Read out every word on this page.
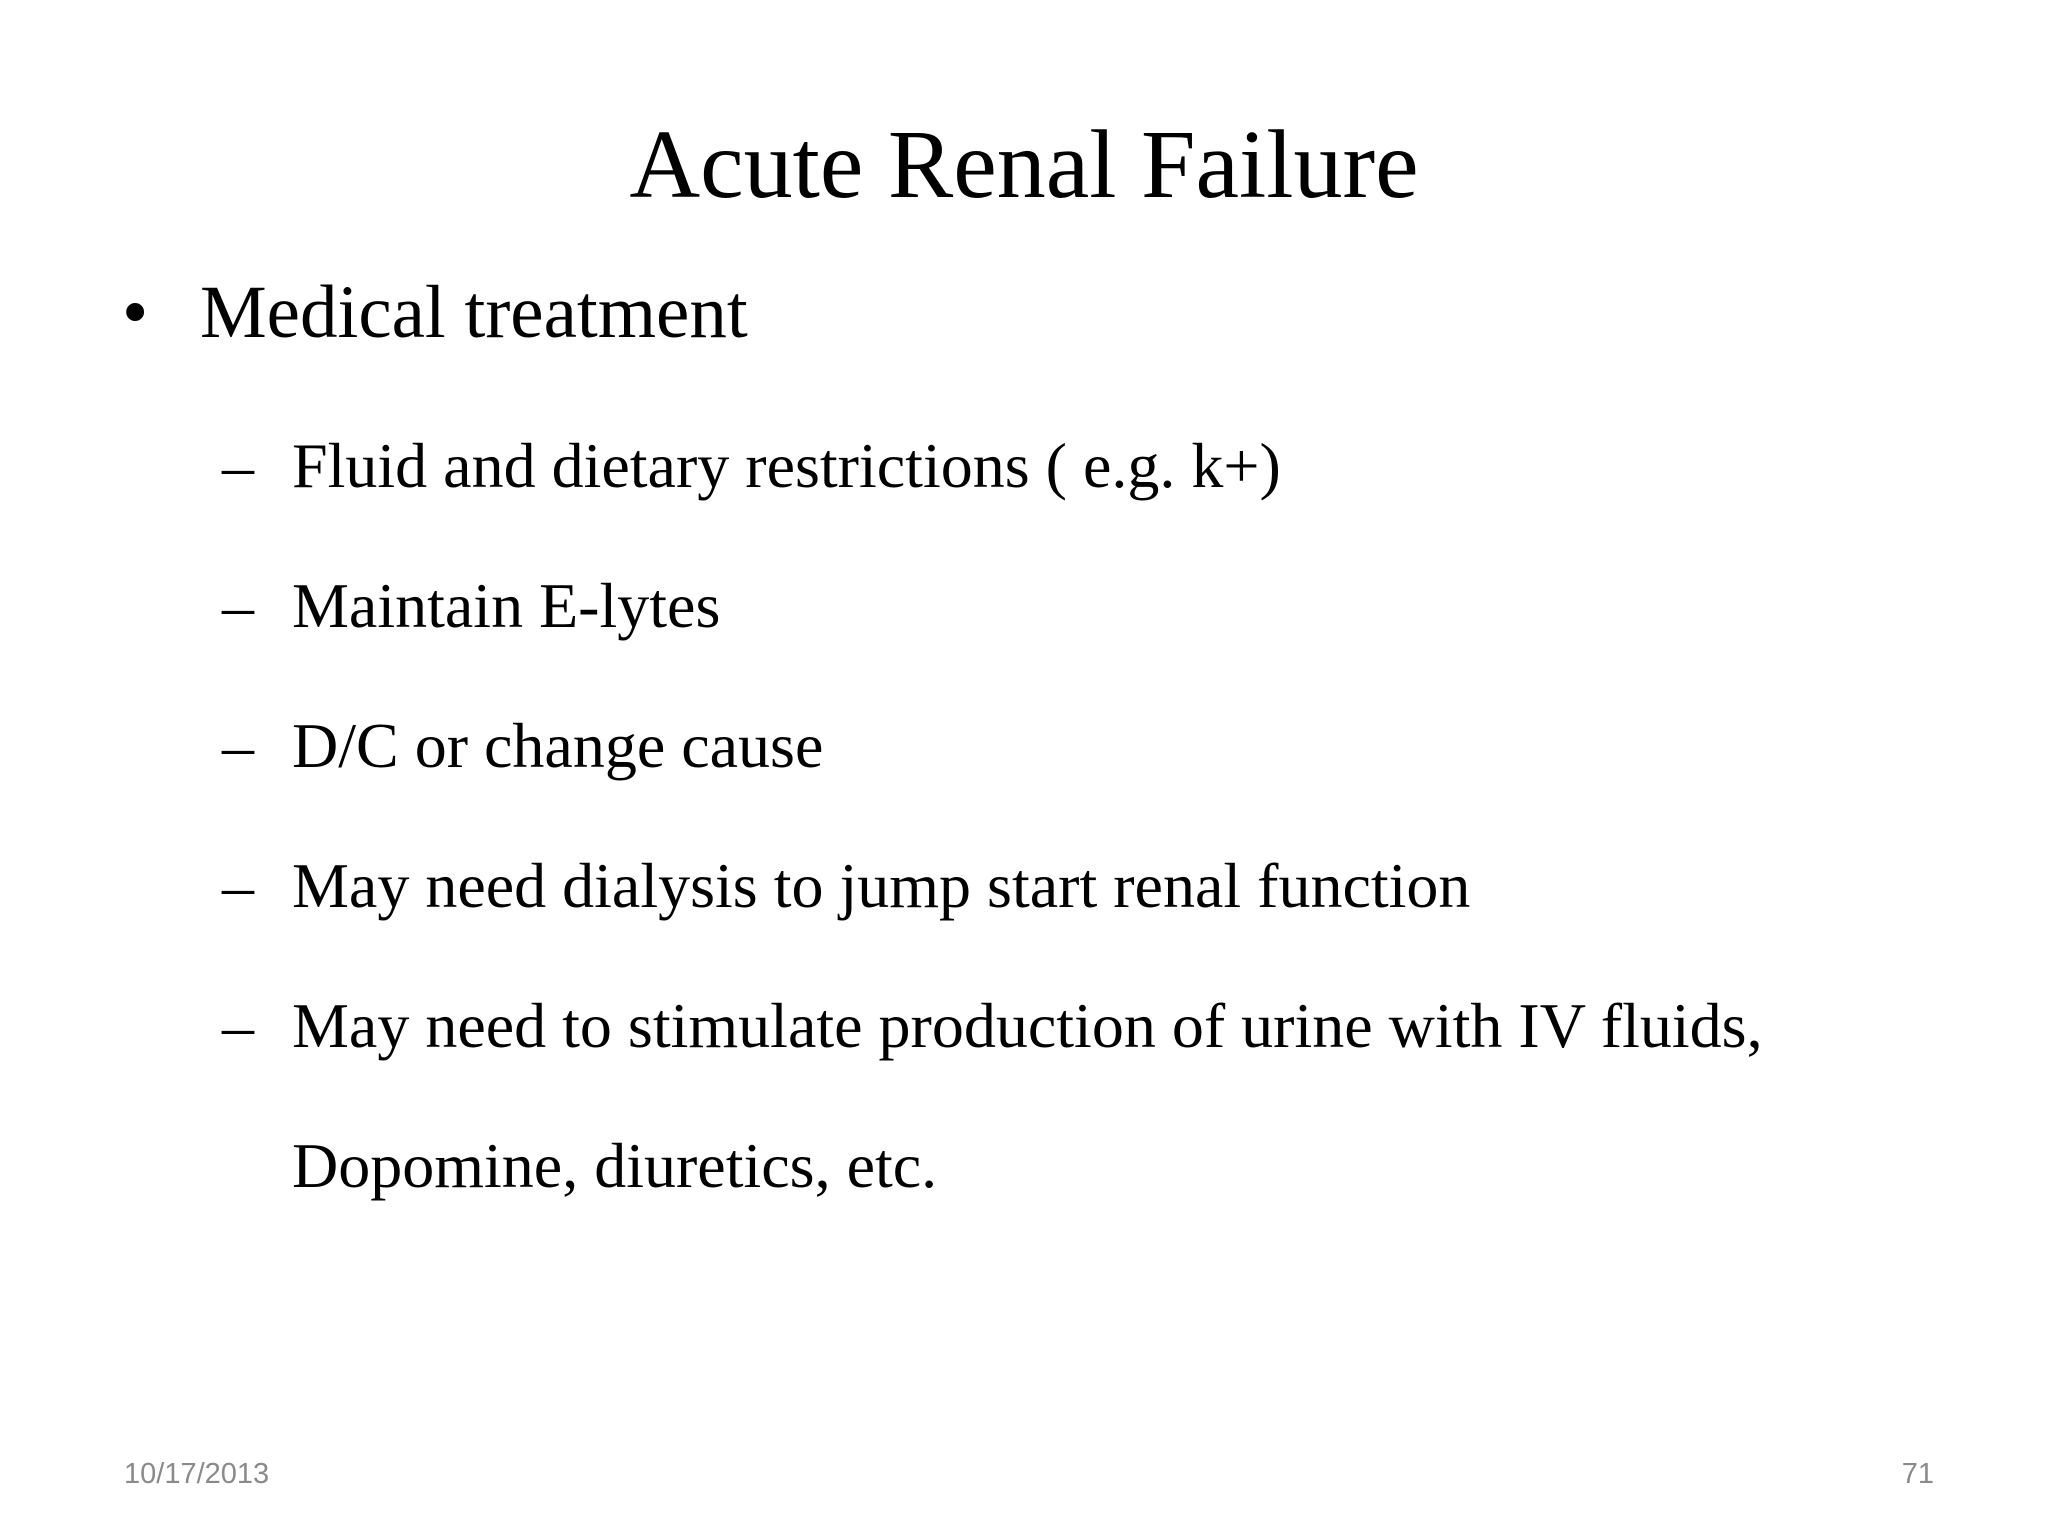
Acute Renal Failure
• Medical treatment
– Fluid and dietary restrictions ( e.g. k+)
– Maintain E-lytes
– D/C or change cause
– May need dialysis to jump start renal function
– May need to stimulate production of urine with IV fluids,
Dopomine, diuretics, etc.
10/17/2013	71
